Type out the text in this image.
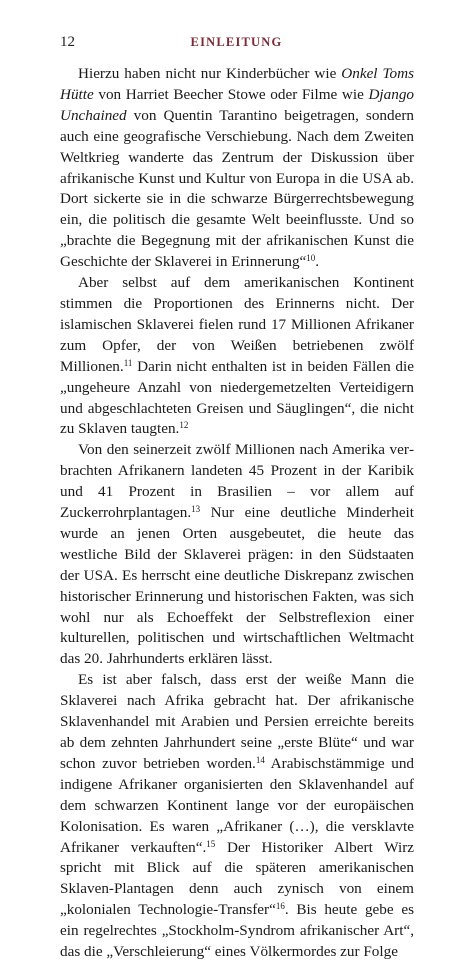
12	EINLEITUNG

Hierzu haben nicht nur Kinderbücher wie Onkel Toms Hütte von Harriet Beecher Stowe oder Filme wie Django Unchained von Quentin Tarantino beigetragen, sondern auch eine geografische Verschiebung. Nach dem Zweiten Weltkrieg wanderte das Zentrum der Diskussion über afrikanische Kunst und Kultur von Europa in die USA ab. Dort sickerte sie in die schwarze Bürgerrechtsbewegung ein, die politisch die gesamte Welt beeinflusste. Und so „brachte die Begegnung mit der afrikanischen Kunst die Geschichte der Sklaverei in Erinnerung“$^{10}$.

Aber selbst auf dem amerikanischen Kontinent stimmen die Proportionen des Erinnerns nicht. Der islamischen Sklaverei fielen rund 17 Millionen Afrikaner zum Opfer, der von Weißen betriebenen zwölf Millionen.$^{11}$ Darin nicht enthalten ist in beiden Fällen die „ungeheure Anzahl von niedergemetzelten Verteidigern und abgeschlachteten Greisen und Säuglingen“, die nicht zu Sklaven taugten.$^{12}$

Von den seinerzeit zwölf Millionen nach Amerika verbrachten Afrikanern landeten 45 Prozent in der Karibik und 41 Prozent in Brasilien – vor allem auf Zuckerrohrplantagen.$^{13}$ Nur eine deutliche Minderheit wurde an jenen Orten ausgebeutet, die heute das westliche Bild der Sklaverei prägen: in den Südstaaten der USA. Es herrscht eine deutliche Diskrepanz zwischen historischer Erinnerung und historischen Fakten, was sich wohl nur als Echoeffekt der Selbstreflexion einer kulturellen, politischen und wirtschaftlichen Weltmacht das 20. Jahrhunderts erklären lässt.

Es ist aber falsch, dass erst der weiße Mann die Sklaverei nach Afrika gebracht hat. Der afrikanische Sklavenhandel mit Arabien und Persien erreichte bereits ab dem zehnten Jahrhundert seine „erste Blüte“ und war schon zuvor betrieben worden.$^{14}$ Arabischstämmige und indigene Afrikaner organisierten den Sklavenhandel auf dem schwarzen Kontinent lange vor der europäischen Kolonisation. Es waren „Afrikaner (…), die versklavte Afrikaner verkauften“.$^{15}$ Der Historiker Albert Wirz spricht mit Blick auf die späteren amerikanischen Sklaven-Plantagen denn auch zynisch von einem „kolonialen Technologie-Transfer“$^{16}$. Bis heute gebe es ein regelrechtes „Stockholm-Syndrom afrikanischer Art“, das die „Verschleierung“ eines Völkermordes zur Folge
